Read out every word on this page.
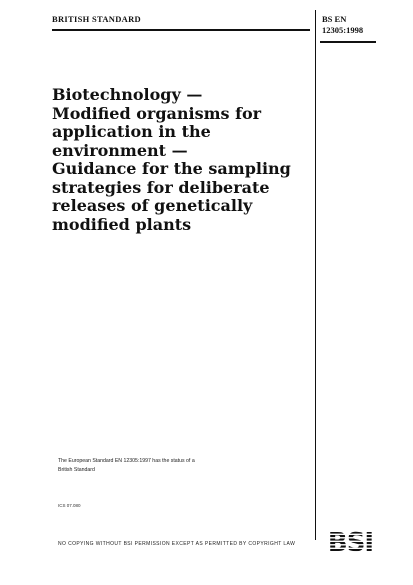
BRITISH STANDARD	BS EN
12305:1998
Biotechnology —
Modified organisms for
application in the
environment —
Guidance for the sampling
strategies for deliberate
releases of genetically
modified plants
The European Standard EN 12305:1997 has the status of a
British Standard
ICS 07.080
NO COPYING WITHOUT BSI PERMISSION EXCEPT AS PERMITTED BY COPYRIGHT LAW
